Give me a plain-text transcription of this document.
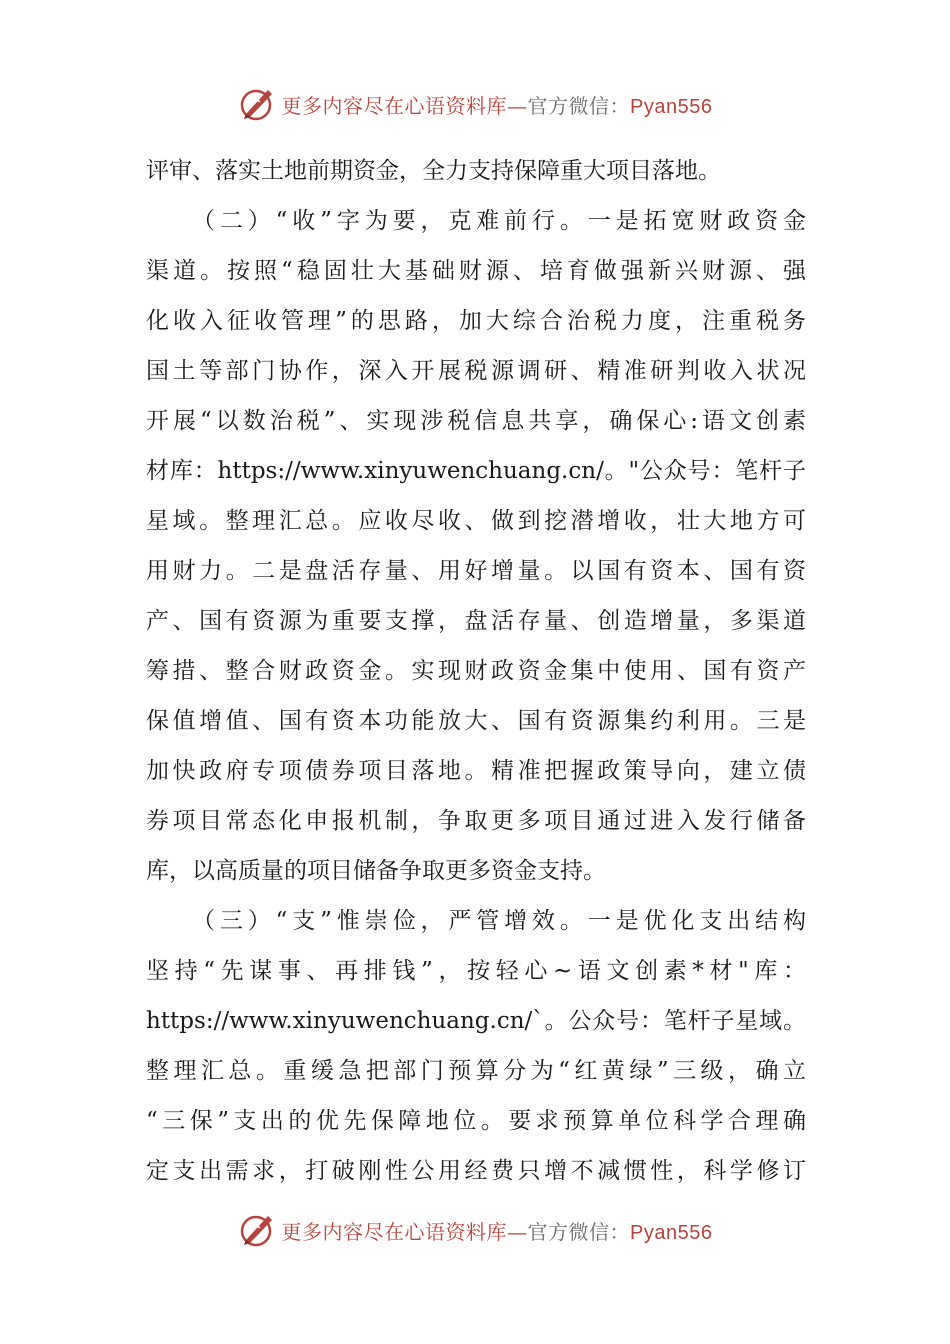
更多内容尽在心语资料库—官方微信：Pyan556
评审、落实土地前期资金，全力支持保障重大项目落地。
（二）“收”字为要，克难前行。一是拓宽财政资金
渠道。按照“稳固壮大基础财源、培育做强新兴财源、强
化收入征收管理”的思路，加大综合治税力度，注重税务
国土等部门协作，深入开展税源调研、精准研判收入状况
开展“以数治税”、实现涉税信息共享，确保心:语文创素
材库：https://www.xinyuwenchuang.cn/。"公众号：笔杆子
星域。整理汇总。应收尽收、做到挖潜增收，壮大地方可
用财力。二是盘活存量、用好增量。以国有资本、国有资
产、国有资源为重要支撑，盘活存量、创造增量，多渠道
筹措、整合财政资金。实现财政资金集中使用、国有资产
保值增值、国有资本功能放大、国有资源集约利用。三是
加快政府专项债券项目落地。精准把握政策导向，建立债
券项目常态化申报机制，争取更多项目通过进入发行储备
库，以高质量的项目储备争取更多资金支持。
（三）“支”惟崇俭，严管增效。一是优化支出结构
坚持“先谋事、再排钱”，按轻心~语文创素*材"库：
https://www.xinyuwenchuang.cn/`。公众号：笔杆子星域。
整理汇总。重缓急把部门预算分为“红黄绿”三级，确立
“三保”支出的优先保障地位。要求预算单位科学合理确
定支出需求，打破刚性公用经费只增不减惯性，科学修订
更多内容尽在心语资料库—官方微信：Pyan556
